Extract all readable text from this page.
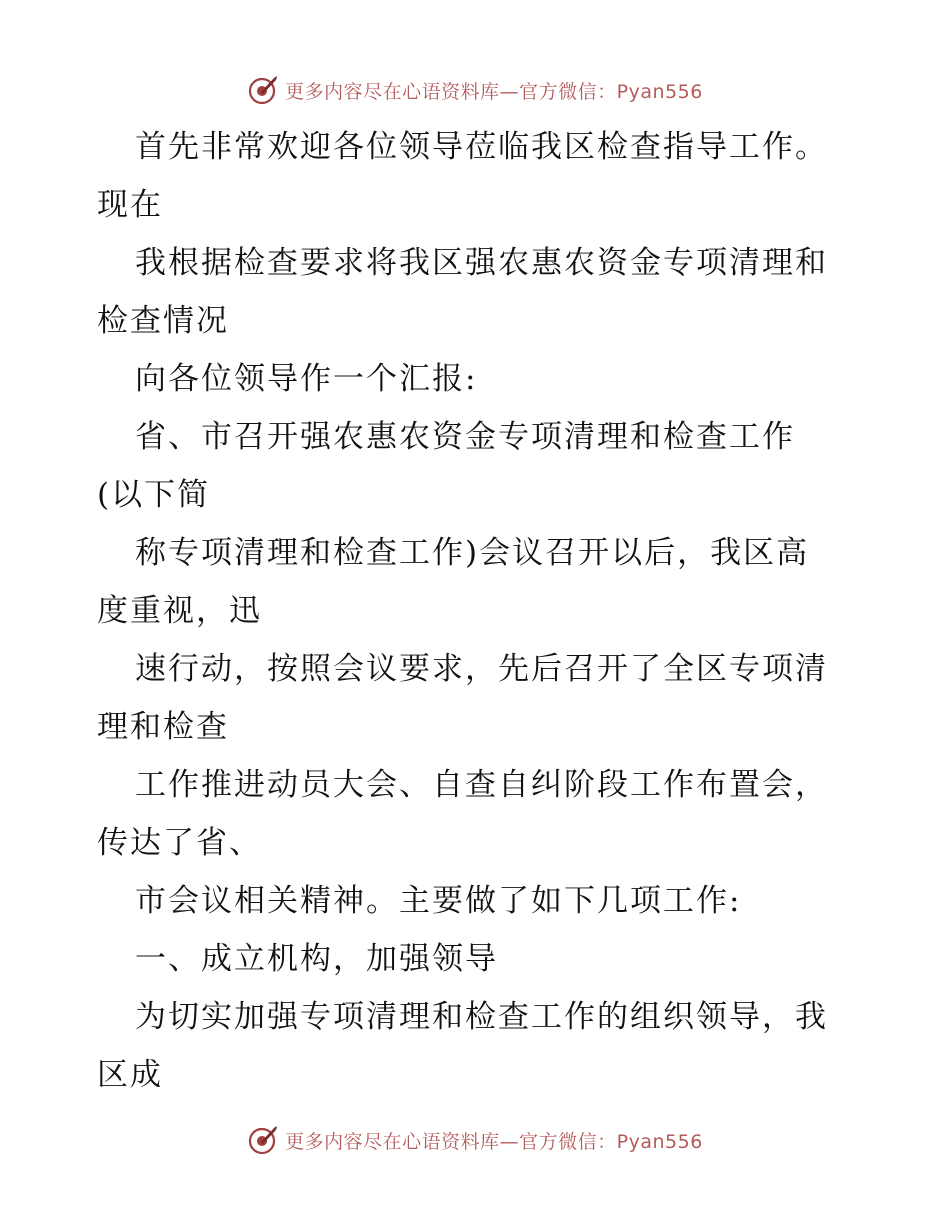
更多内容尽在心语资料库—官方微信：Pyan556
首先非常欢迎各位领导莅临我区检查指导工作。
现在
我根据检查要求将我区强农惠农资金专项清理和
检查情况
向各位领导作一个汇报:
省、市召开强农惠农资金专项清理和检查工作
(以下简
称专项清理和检查工作)会议召开以后，我区高
度重视，迅
速行动，按照会议要求，先后召开了全区专项清
理和检查
工作推进动员大会、自查自纠阶段工作布置会，
传达了省、
市会议相关精神。主要做了如下几项工作:
一、成立机构，加强领导
为切实加强专项清理和检查工作的组织领导，我
区成
更多内容尽在心语资料库—官方微信：Pyan556
